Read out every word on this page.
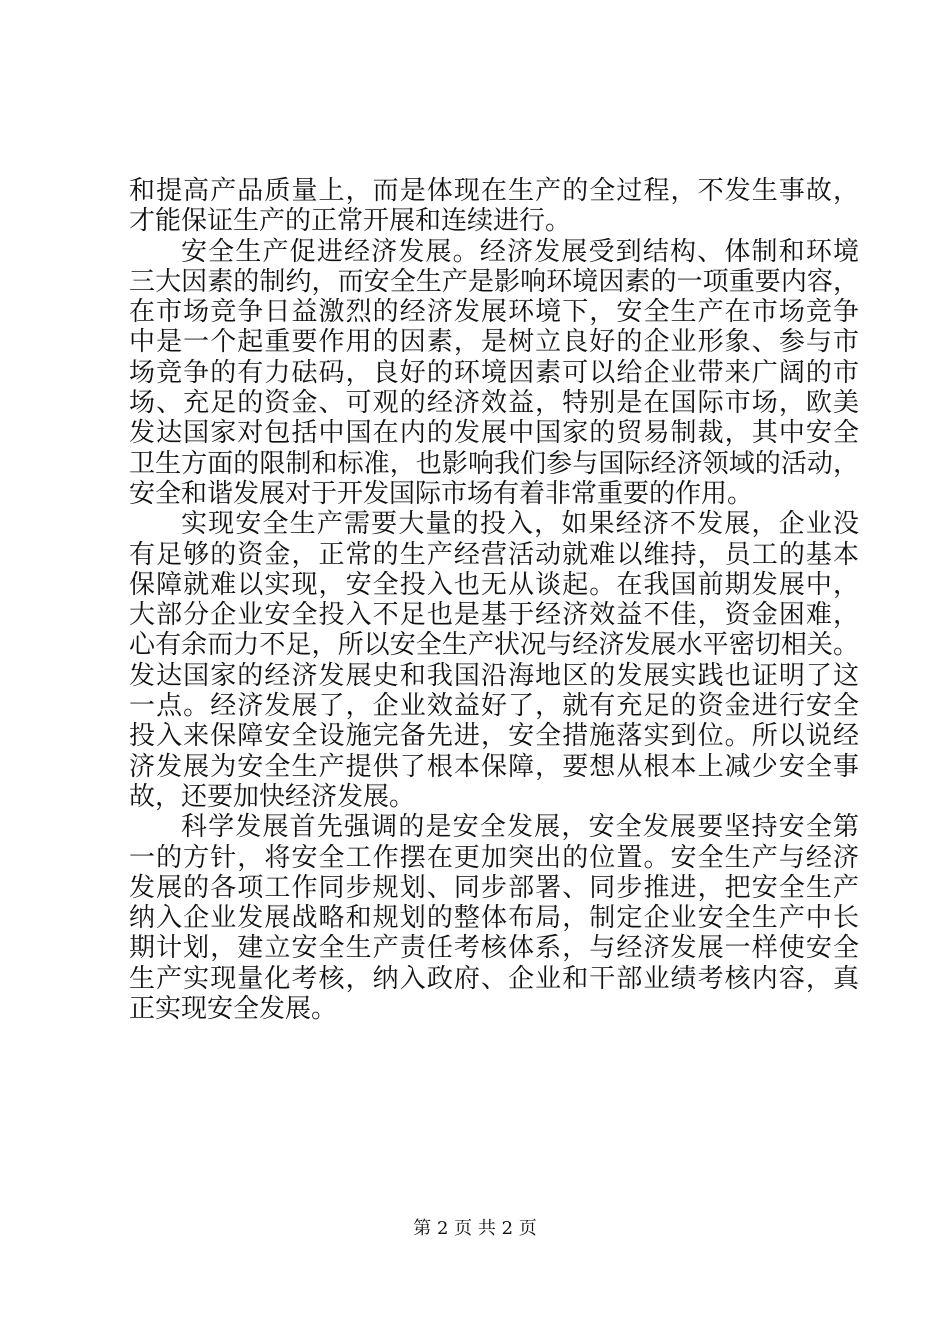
和提高产品质量上，而是体现在生产的全过程，不发生事故，
才能保证生产的正常开展和连续进行。
安全生产促进经济发展。经济发展受到结构、体制和环境
三大因素的制约，而安全生产是影响环境因素的一项重要内容，
在市场竞争日益激烈的经济发展环境下，安全生产在市场竞争
中是一个起重要作用的因素，是树立良好的企业形象、参与市
场竞争的有力砝码，良好的环境因素可以给企业带来广阔的市
场、充足的资金、可观的经济效益，特别是在国际市场，欧美
发达国家对包括中国在内的发展中国家的贸易制裁，其中安全
卫生方面的限制和标准，也影响我们参与国际经济领域的活动，
安全和谐发展对于开发国际市场有着非常重要的作用。
实现安全生产需要大量的投入，如果经济不发展，企业没
有足够的资金，正常的生产经营活动就难以维持，员工的基本
保障就难以实现，安全投入也无从谈起。在我国前期发展中，
大部分企业安全投入不足也是基于经济效益不佳，资金困难，
心有余而力不足，所以安全生产状况与经济发展水平密切相关。
发达国家的经济发展史和我国沿海地区的发展实践也证明了这
一点。经济发展了，企业效益好了，就有充足的资金进行安全
投入来保障安全设施完备先进，安全措施落实到位。所以说经
济发展为安全生产提供了根本保障，要想从根本上减少安全事
故，还要加快经济发展。
科学发展首先强调的是安全发展，安全发展要坚持安全第
一的方针，将安全工作摆在更加突出的位置。安全生产与经济
发展的各项工作同步规划、同步部署、同步推进，把安全生产
纳入企业发展战略和规划的整体布局，制定企业安全生产中长
期计划，建立安全生产责任考核体系，与经济发展一样使安全
生产实现量化考核，纳入政府、企业和干部业绩考核内容，真
正实现安全发展。
第 2 页 共 2 页
